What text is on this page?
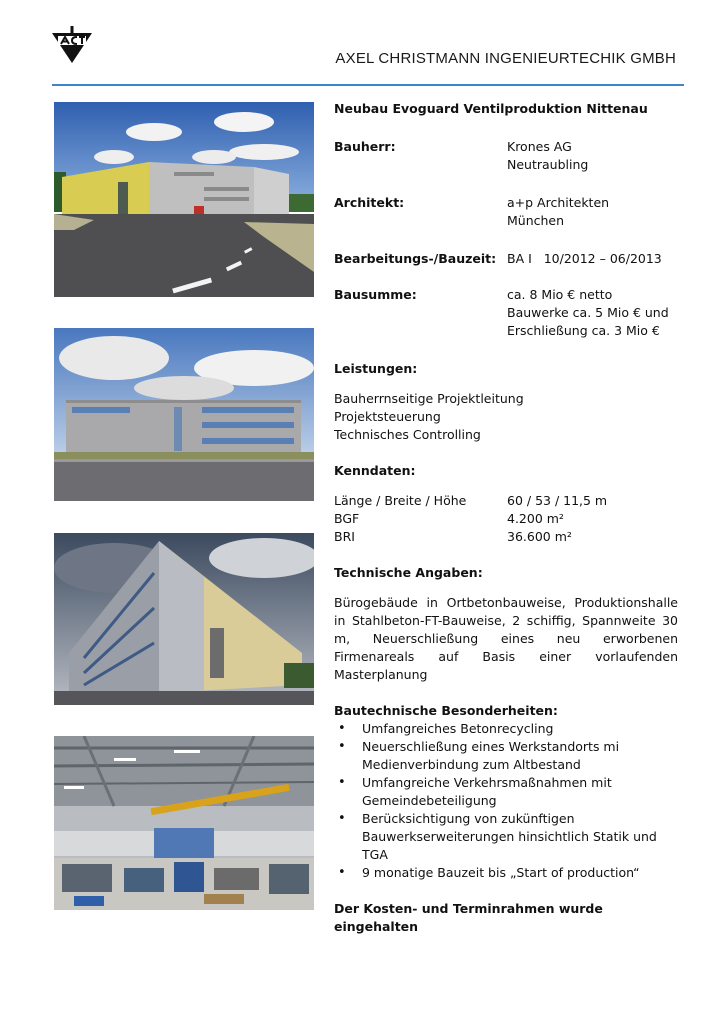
AXEL CHRISTMANN INGENIEURTECHIK GMBH
Neubau Evoguard Ventilproduktion Nittenau
Bauherr:	Krones AG
Neutraubling
Architekt:	a+p Architekten
München
Bearbeitungs-/Bauzeit: BA I   10/2012 – 06/2013
Bausumme:	ca. 8 Mio € netto
Bauwerke ca. 5 Mio € und
Erschließung ca. 3 Mio €
Leistungen:
Bauherrnseitige Projektleitung
Projektsteuerung
Technisches Controlling
Kenndaten:
Länge / Breite / Höhe	60 / 53 / 11,5 m
BGF	4.200 m²
BRI	36.600 m²
Technische Angaben:
Bürogebäude in Ortbetonbauweise, Produktionshalle in Stahlbeton-FT-Bauweise, 2 schiffig, Spannweite 30 m, Neuerschließung eines neu erworbenen Firmenareals auf Basis einer vorlaufenden Masterplanung
Bautechnische Besonderheiten:
• Umfangreiches Betonrecycling
• Neuerschließung eines Werkstandorts mi
Medienverbindung zum Altbestand
• Umfangreiche Verkehrsmaßnahmen mit
Gemeindebeteiligung
• Berücksichtigung von zukünftigen
Bauwerkserweiterungen hinsichtlich Statik und TGA
• 9 monatige Bauzeit bis „Start of production“
Der Kosten- und Terminrahmen wurde eingehalten
